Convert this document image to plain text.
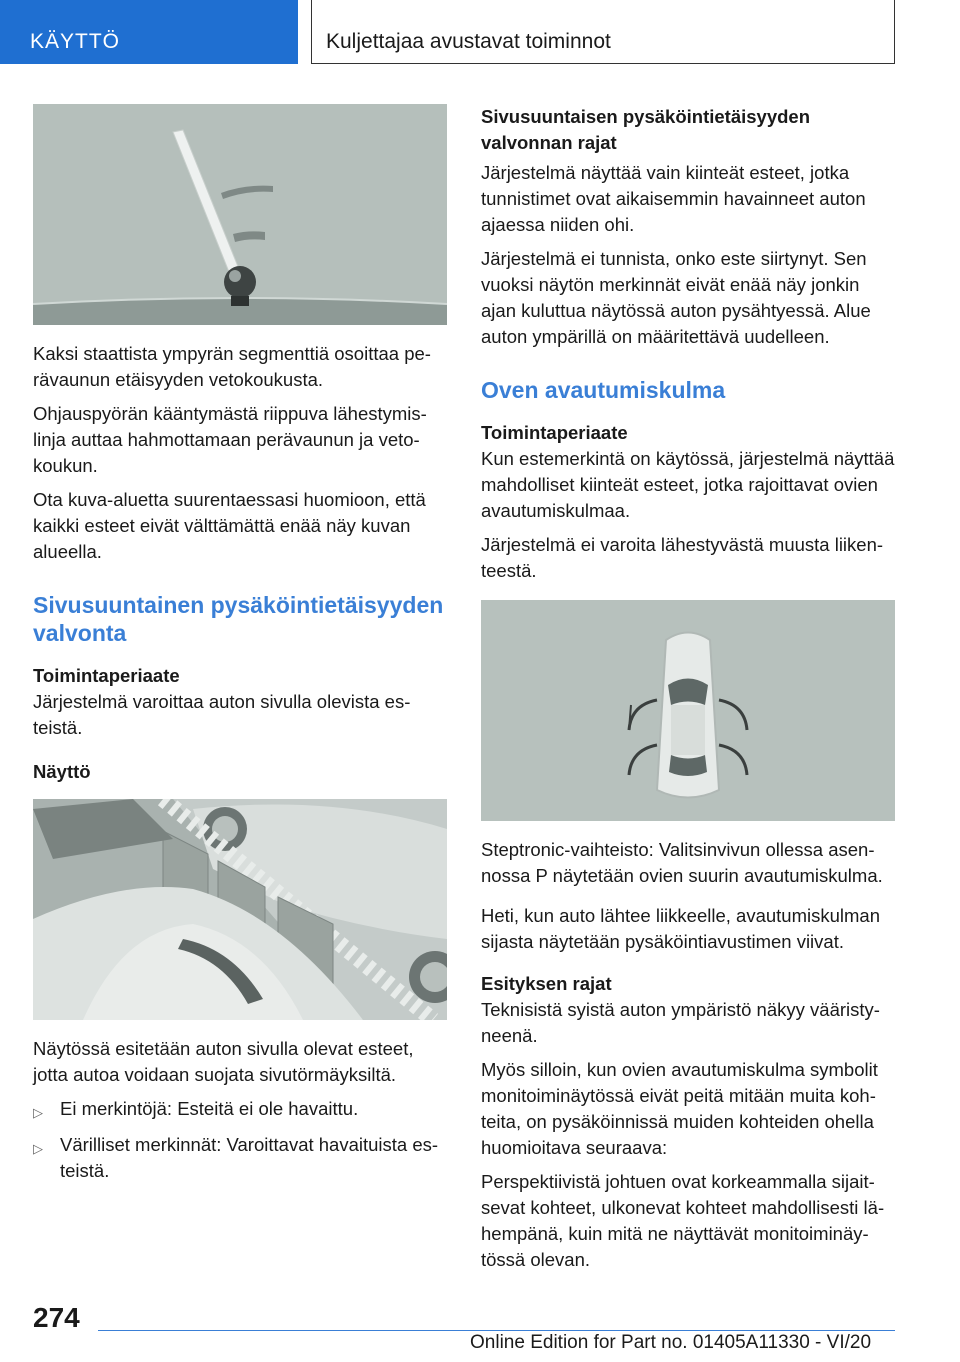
KÄYTTÖ	Kuljettajaa avustavat toiminnot

Kaksi staattista ympyrän segmenttiä osoittaa perävaunun etäisyyden vetokoukusta.

Ohjauspyörän kääntymästä riippuva lähestymislinja auttaa hahmottamaan perävaunun ja vetokoukun.

Ota kuva-aluetta suurentaessasi huomioon, että kaikki esteet eivät välttämättä enää näy kuvan alueella.

Sivusuuntainen pysäköintietäisyyden valvonta
Toimintaperiaate

Järjestelmä varoittaa auton sivulla olevista esteistä.

Näyttö

Näytössä esitetään auton sivulla olevat esteet, jotta autoa voidaan suojata sivutörmäyksiltä.

▷ Ei merkintöjä: Esteitä ei ole havaittu.
▷ Värilliset merkinnät: Varoittavat havaituista esteistä.
Sivusuuntaisen pysäköintietäisyyden valvonnan rajat

Järjestelmä näyttää vain kiinteät esteet, jotka tunnistimet ovat aikaisemmin havainneet auton ajaessa niiden ohi.

Järjestelmä ei tunnista, onko este siirtynyt. Sen vuoksi näytön merkinnät eivät enää näy jonkin ajan kuluttua näytössä auton pysähtyessä. Alue auton ympärillä on määritettävä uudelleen.

Oven avautumiskulma
Toimintaperiaate

Kun estemerkintä on käytössä, järjestelmä näyttää mahdolliset kiinteät esteet, jotka rajoittavat ovien avautumiskulmaa.

Järjestelmä ei varoita lähestyvästä muusta liikenteestä.

Steptronic-vaihteisto: Valitsinvivun ollessa asennossa P näytetään ovien suurin avautumiskulma.

Heti, kun auto lähtee liikkeelle, avautumiskulman sijasta näytetään pysäköintiavustimen viivat.

Esityksen rajat

Teknisistä syistä auton ympäristö näkyy vääristyneenä.

Myös silloin, kun ovien avautumiskulma symbolit monitoiminäytössä eivät peitä mitään muita kohteita, on pysäköinnissä muiden kohteiden ohella huomioitava seuraava:

Perspektiivistä johtuen ovat korkeammalla sijaitsevat kohteet, ulkonevat kohteet mahdollisesti lähempänä, kuin mitä ne näyttävät monitoiminäytössä olevan.

274
Online Edition for Part no. 01405A11330 - VI/20
